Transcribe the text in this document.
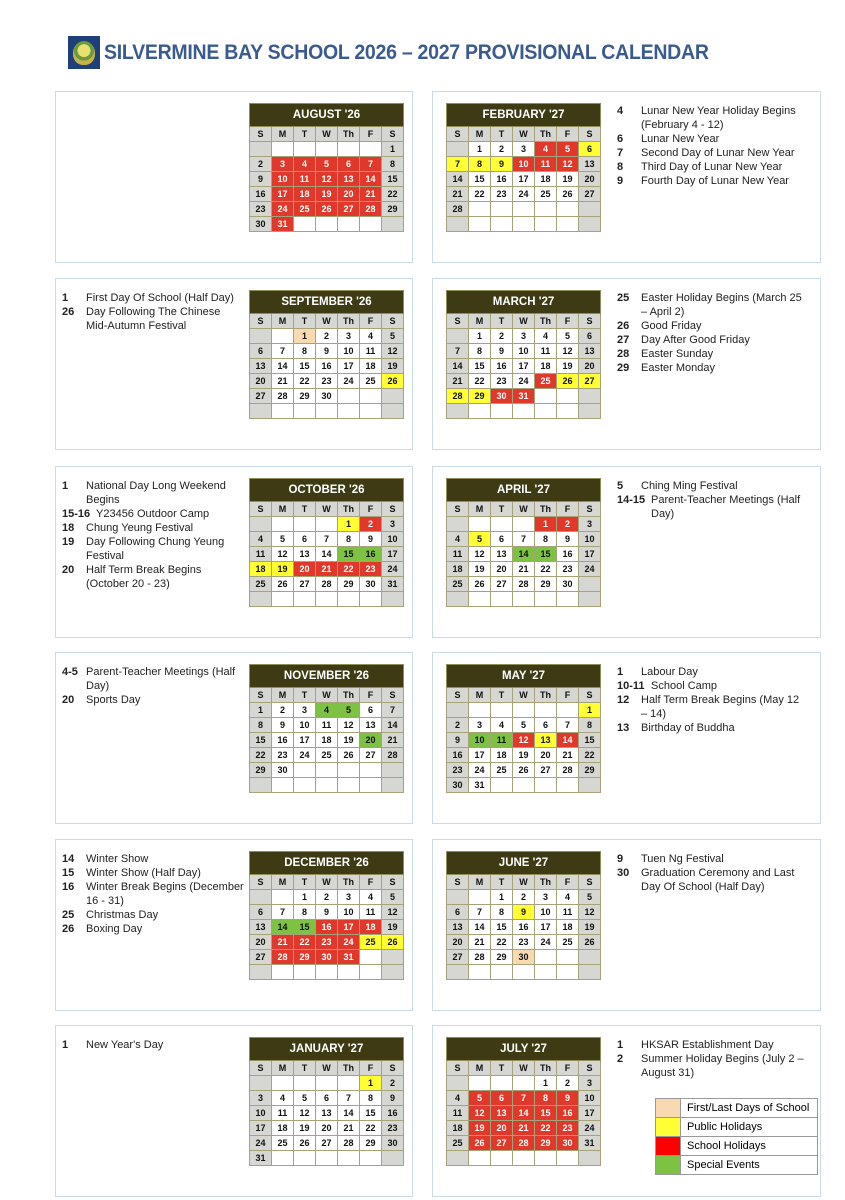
SILVERMINE BAY SCHOOL 2026 – 2027 PROVISIONAL CALENDAR
AUGUST '26						
S	M	T	W	Th	F	S
						1
2	3	4	5	6	7	8
9	10	11	12	13	14	15
16	17	18	19	20	21	22
23	24	25	26	27	28	29
30	31					
4	Lunar New Year Holiday Begins (February 4 - 12)
6	Lunar New Year
7	Second Day of Lunar New Year
8	Third Day of Lunar New Year
9	Fourth Day of Lunar New Year
FEBRUARY '27						
S	M	T	W	Th	F	S
	1	2	3	4	5	6
7	8	9	10	11	12	13
14	15	16	17	18	19	20
21	22	23	24	25	26	27
28						

1	First Day Of School (Half Day)
26	Day Following The Chinese Mid-Autumn Festival
SEPTEMBER '26						
S	M	T	W	Th	F	S
		1	2	3	4	5
6	7	8	9	10	11	12
13	14	15	16	17	18	19
20	21	22	23	24	25	26
27	28	29	30			

25	Easter Holiday Begins (March 25 – April 2)
26	Good Friday
27	Day After Good Friday
28	Easter Sunday
29	Easter Monday
MARCH '27						
S	M	T	W	Th	F	S
	1	2	3	4	5	6
7	8	9	10	11	12	13
14	15	16	17	18	19	20
21	22	23	24	25	26	27
28	29	30	31			

1	National Day Long Weekend Begins
15-16 Y23456 Outdoor Camp
18	Chung Yeung Festival
19	Day Following Chung Yeung Festival
20	Half Term Break Begins (October 20 - 23)
OCTOBER '26						
S	M	T	W	Th	F	S
				1	2	3
4	5	6	7	8	9	10
11	12	13	14	15	16	17
18	19	20	21	22	23	24
25	26	27	28	29	30	31

5	Ching Ming Festival
14-15 Parent-Teacher Meetings (Half Day)
APRIL '27						
S	M	T	W	Th	F	S
				1	2	3
4	5	6	7	8	9	10
11	12	13	14	15	16	17
18	19	20	21	22	23	24
25	26	27	28	29	30	

4-5 Parent-Teacher Meetings (Half Day)
20	Sports Day
NOVEMBER '26						
S	M	T	W	Th	F	S
1	2	3	4	5	6	7
8	9	10	11	12	13	14
15	16	17	18	19	20	21
22	23	24	25	26	27	28
29	30					

1	Labour Day
10-11 School Camp
12	Half Term Break Begins (May 12 – 14)
13	Birthday of Buddha
MAY '27						
S	M	T	W	Th	F	S
						1
2	3	4	5	6	7	8
9	10	11	12	13	14	15
16	17	18	19	20	21	22
23	24	25	26	27	28	29
30	31					
14	Winter Show
15	Winter Show (Half Day)
16	Winter Break Begins (December 16 - 31)
25	Christmas Day
26	Boxing Day
DECEMBER '26						
S	M	T	W	Th	F	S
		1	2	3	4	5
6	7	8	9	10	11	12
13	14	15	16	17	18	19
20	21	22	23	24	25	26
27	28	29	30	31		

9	Tuen Ng Festival
30	Graduation Ceremony and Last Day Of School (Half Day)
JUNE '27						
S	M	T	W	Th	F	S
		1	2	3	4	5
6	7	8	9	10	11	12
13	14	15	16	17	18	19
20	21	22	23	24	25	26
27	28	29	30			

1	New Year's Day	JANUARY '27						
S	M	T	W	Th	F	S
					1	2
3	4	5	6	7	8	9
10	11	12	13	14	15	16
17	18	19	20	21	22	23
24	25	26	27	28	29	30
31						
1	HKSAR Establishment Day
2	Summer Holiday Begins (July 2 – August 31)
JULY '27						
S	M	T	W	Th	F	S
				1	2	3
4	5	6	7	8	9	10
11	12	13	14	15	16	17
18	19	20	21	22	23	24
25	26	27	28	29	30	31

	First/Last Days of School
	Public Holidays
	School Holidays
	Special Events
